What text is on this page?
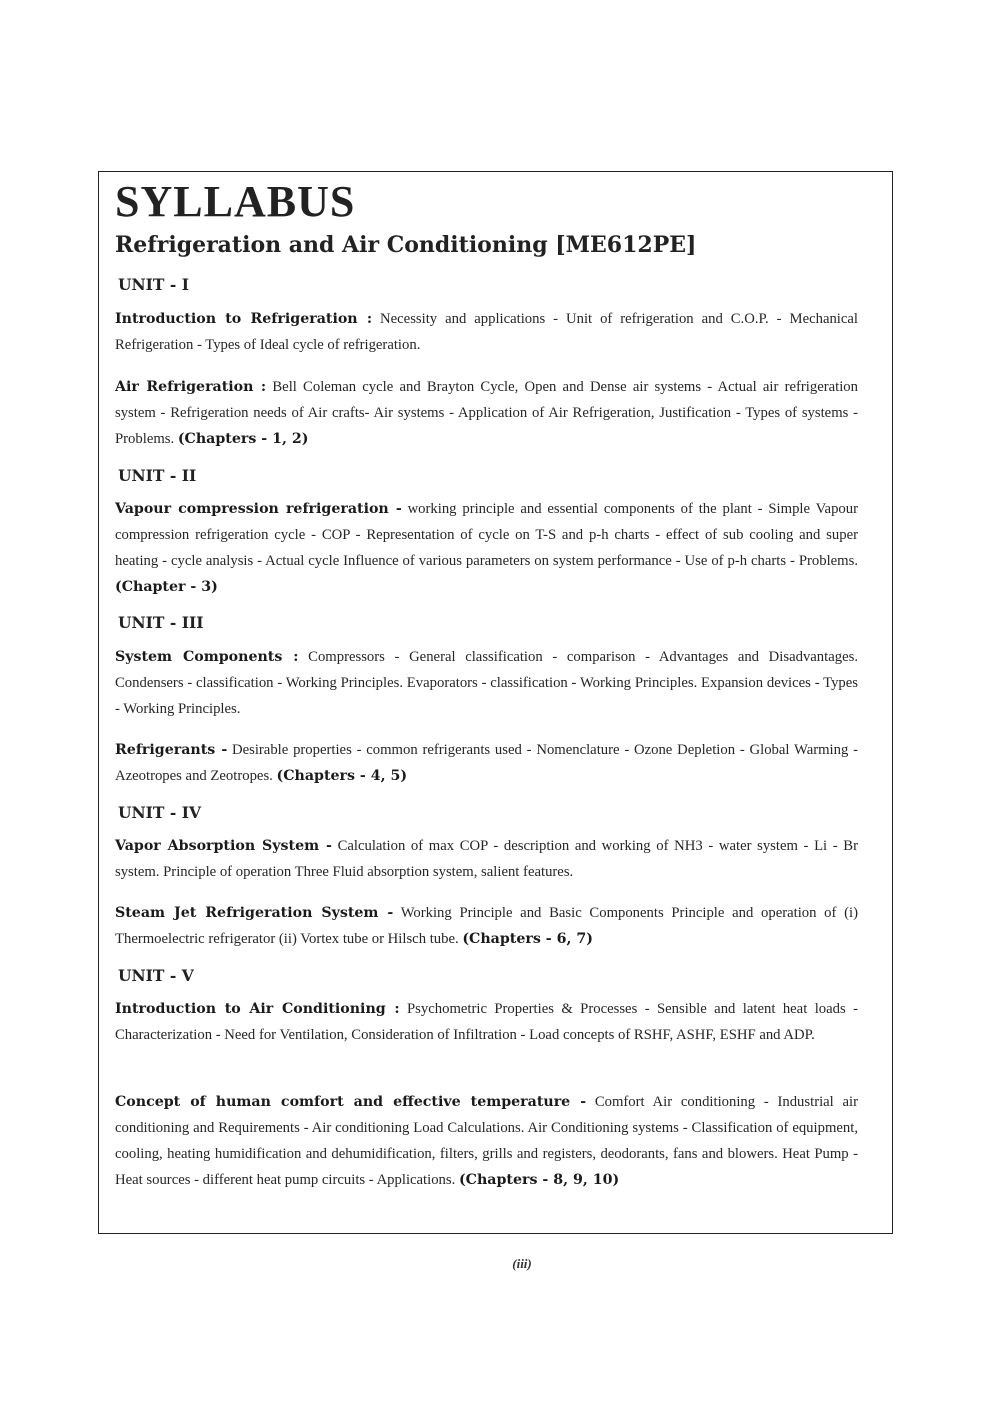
SYLLABUS
Refrigeration and Air Conditioning [ME612PE]
UNIT - I

Introduction to Refrigeration : Necessity and applications - Unit of refrigeration and C.O.P. - Mechanical Refrigeration - Types of Ideal cycle of refrigeration.

Air Refrigeration : Bell Coleman cycle and Brayton Cycle, Open and Dense air systems - Actual air refrigeration system - Refrigeration needs of Air crafts- Air systems - Application of Air Refrigeration, Justification - Types of systems - Problems. (Chapters - 1, 2)

UNIT - II

Vapour compression refrigeration - working principle and essential components of the plant - Simple Vapour compression refrigeration cycle - COP - Representation of cycle on T-S and p-h charts - effect of sub cooling and super heating - cycle analysis - Actual cycle Influence of various parameters on system performance - Use of p-h charts - Problems. (Chapter - 3)

UNIT - III

System Components : Compressors - General classification - comparison - Advantages and Disadvantages. Condensers - classification - Working Principles. Evaporators - classification - Working Principles. Expansion devices - Types - Working Principles.

Refrigerants - Desirable properties - common refrigerants used - Nomenclature - Ozone Depletion - Global Warming - Azeotropes and Zeotropes. (Chapters - 4, 5)

UNIT - IV

Vapor Absorption System - Calculation of max COP - description and working of NH3 - water system - Li - Br system. Principle of operation Three Fluid absorption system, salient features.

Steam Jet Refrigeration System - Working Principle and Basic Components Principle and operation of (i) Thermoelectric refrigerator (ii) Vortex tube or Hilsch tube. (Chapters - 6, 7)

UNIT - V

Introduction to Air Conditioning : Psychometric Properties & Processes - Sensible and latent heat loads - Characterization - Need for Ventilation, Consideration of Infiltration - Load concepts of RSHF, ASHF, ESHF and ADP.

Concept of human comfort and effective temperature - Comfort Air conditioning - Industrial air conditioning and Requirements - Air conditioning Load Calculations. Air Conditioning systems - Classification of equipment, cooling, heating humidification and dehumidification, filters, grills and registers, deodorants, fans and blowers. Heat Pump - Heat sources - different heat pump circuits - Applications. (Chapters - 8, 9, 10)

(iii)
